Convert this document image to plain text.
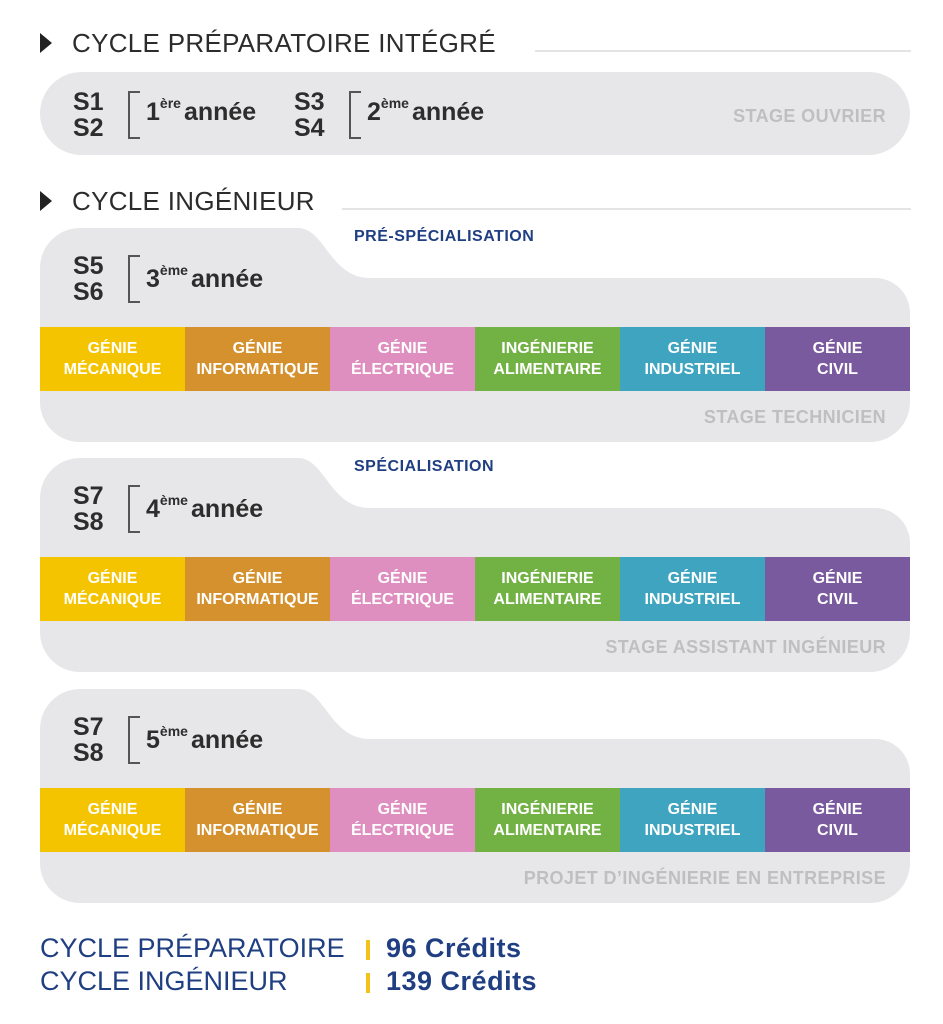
CYCLE PRÉPARATOIRE INTÉGRÉ
S1
S2
1ère année S3
S4
2ème année	STAGE OUVRIER
CYCLE INGÉNIEUR
PRÉ-SPÉCIALISATION
S5
S6 3ème année
GÉNIE
MÉCANIQUE
GÉNIE
INFORMATIQUE
GÉNIE
ÉLECTRIQUE
INGÉNIERIE
ALIMENTAIRE
GÉNIE
INDUSTRIEL
GÉNIE
CIVIL
STAGE TECHNICIEN
SPÉCIALISATION
S7
S8 4ème année
GÉNIE
MÉCANIQUE
GÉNIE
INFORMATIQUE
GÉNIE
ÉLECTRIQUE
INGÉNIERIE
ALIMENTAIRE
GÉNIE
INDUSTRIEL
GÉNIE
CIVIL
STAGE ASSISTANT INGÉNIEUR
S7
S8 5ème année
GÉNIE
MÉCANIQUE
GÉNIE
INFORMATIQUE
GÉNIE
ÉLECTRIQUE
INGÉNIERIE
ALIMENTAIRE
GÉNIE
INDUSTRIEL
GÉNIE
CIVIL
PROJET D’INGÉNIERIE EN ENTREPRISE
CYCLE PRÉPARATOIRE 96 Crédits
CYCLE INGÉNIEUR	139 Crédits
